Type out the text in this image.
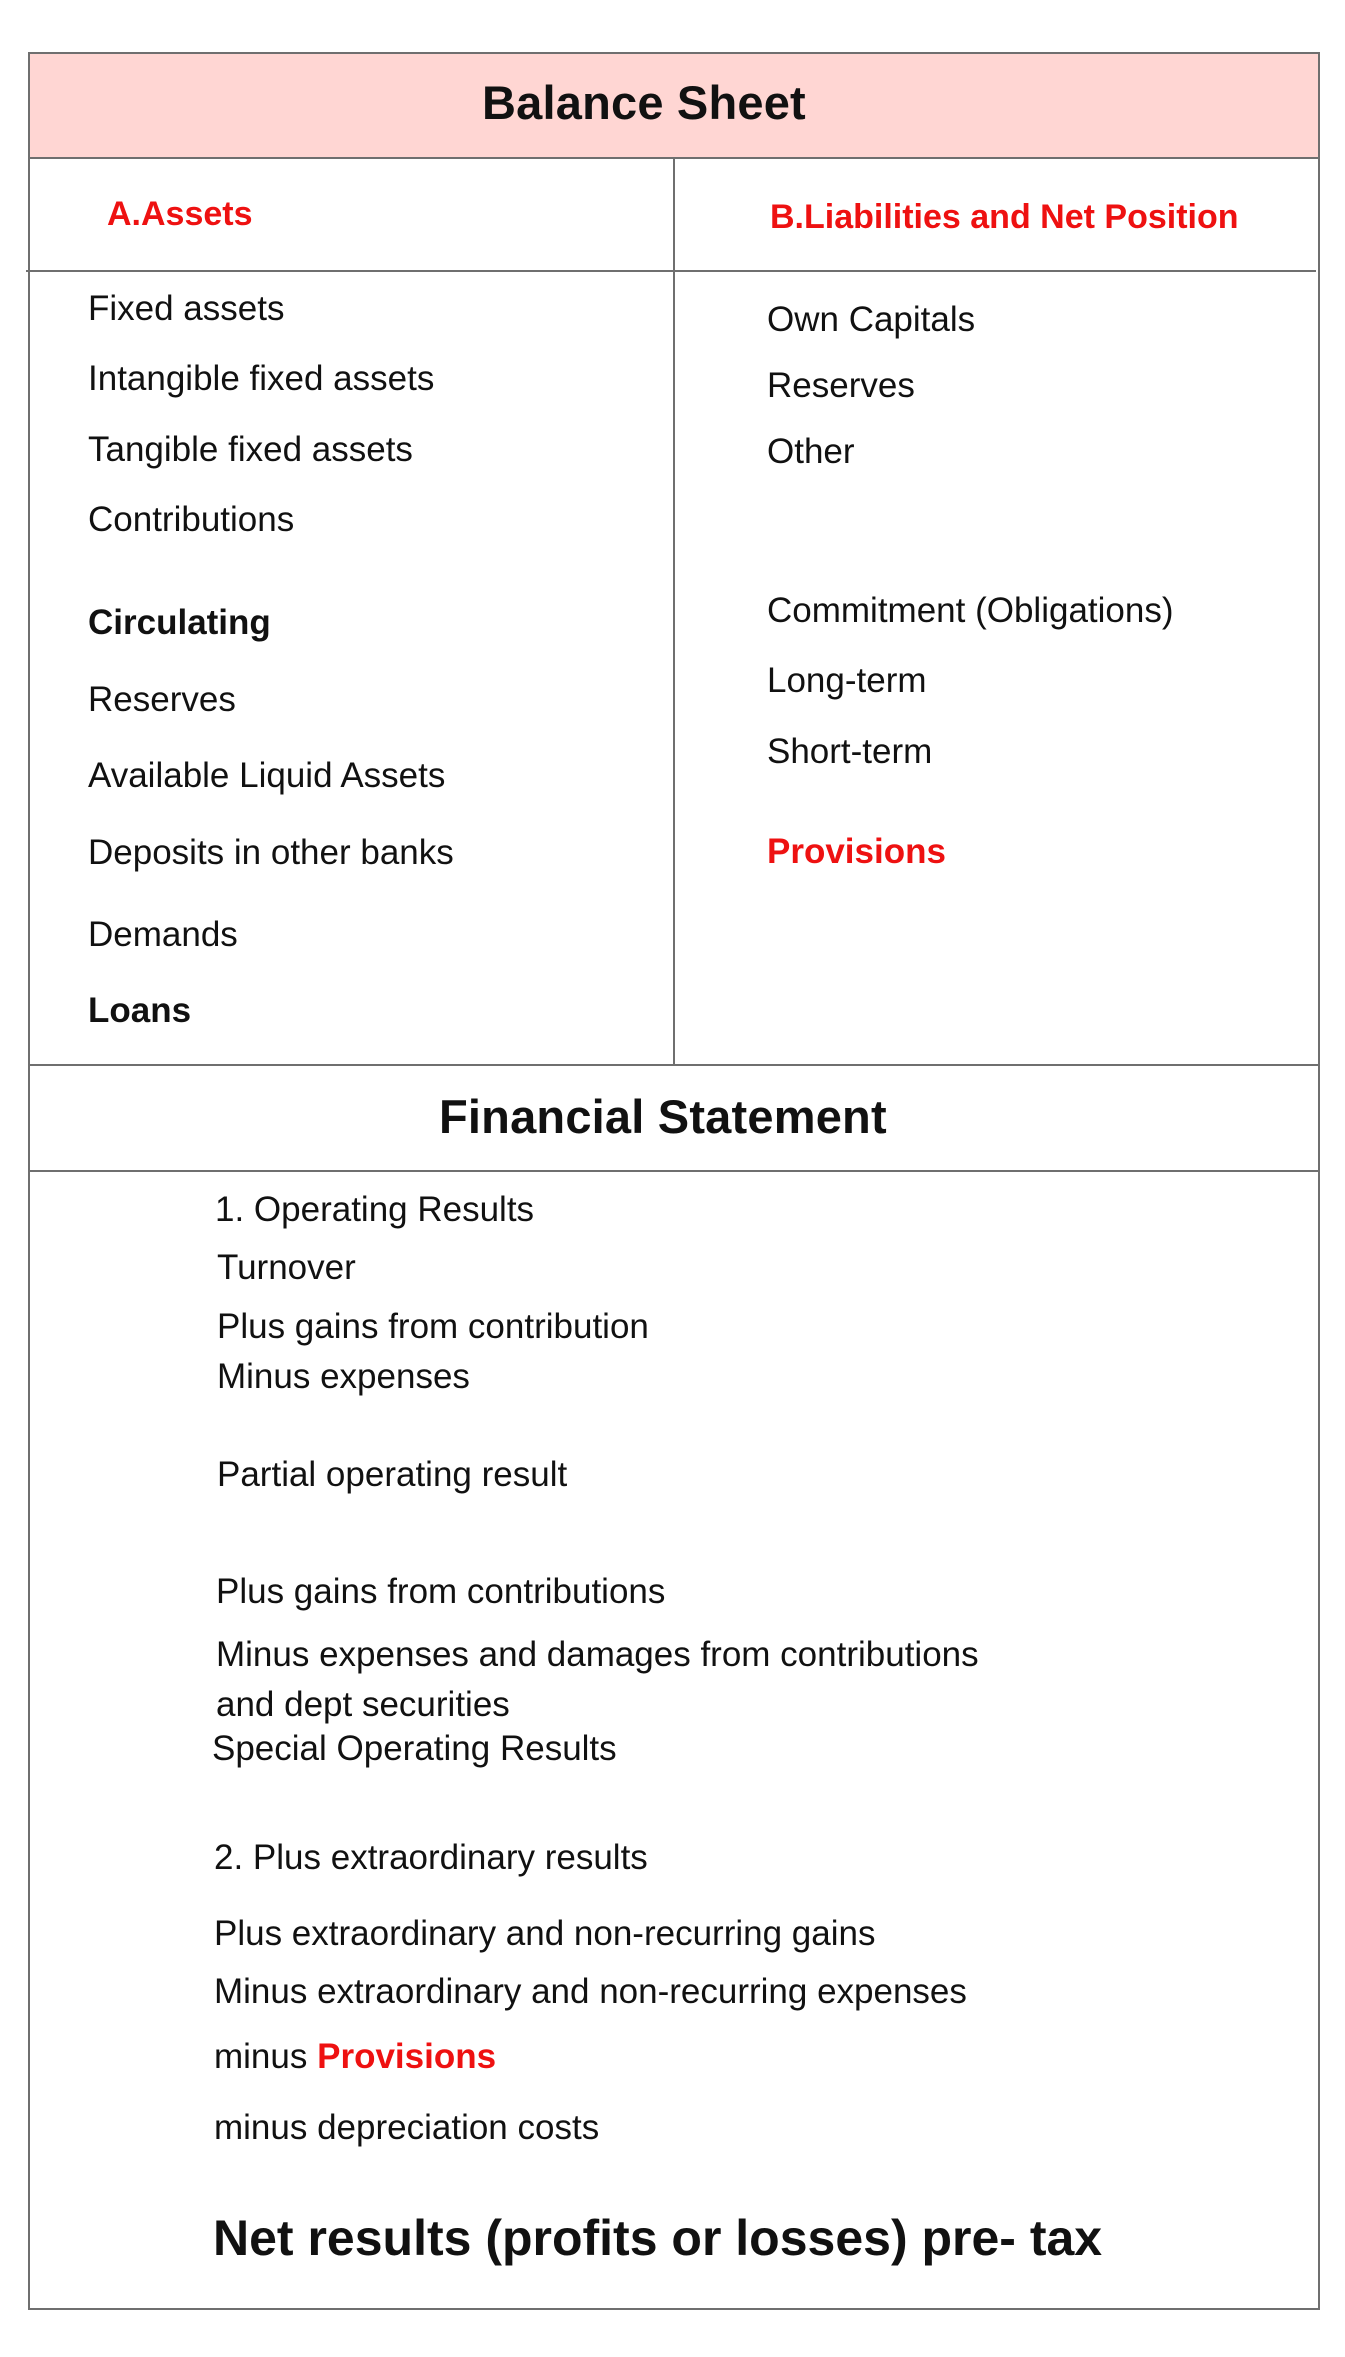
Balance Sheet
A.Assets	B.Liabilities and Net Position
Fixed assets
Intangible fixed assets
Tangible fixed assets
Contributions
Circulating
Reserves
Available Liquid Assets
Deposits in other banks
Demands
Loans
Own Capitals
Reserves
Other
Commitment (Obligations)
Long-term
Short-term
Provisions
Financial Statement
1. Operating Results
Turnover
Plus gains from contribution
Minus expenses
Partial operating result
Plus gains from contributions
Minus expenses and damages from contributions
and dept securities
Special Operating Results
2. Plus extraordinary results
Plus extraordinary and non-recurring gains
Minus extraordinary and non-recurring expenses
minus Provisions
minus depreciation costs
Net results (profits or losses) pre- tax
